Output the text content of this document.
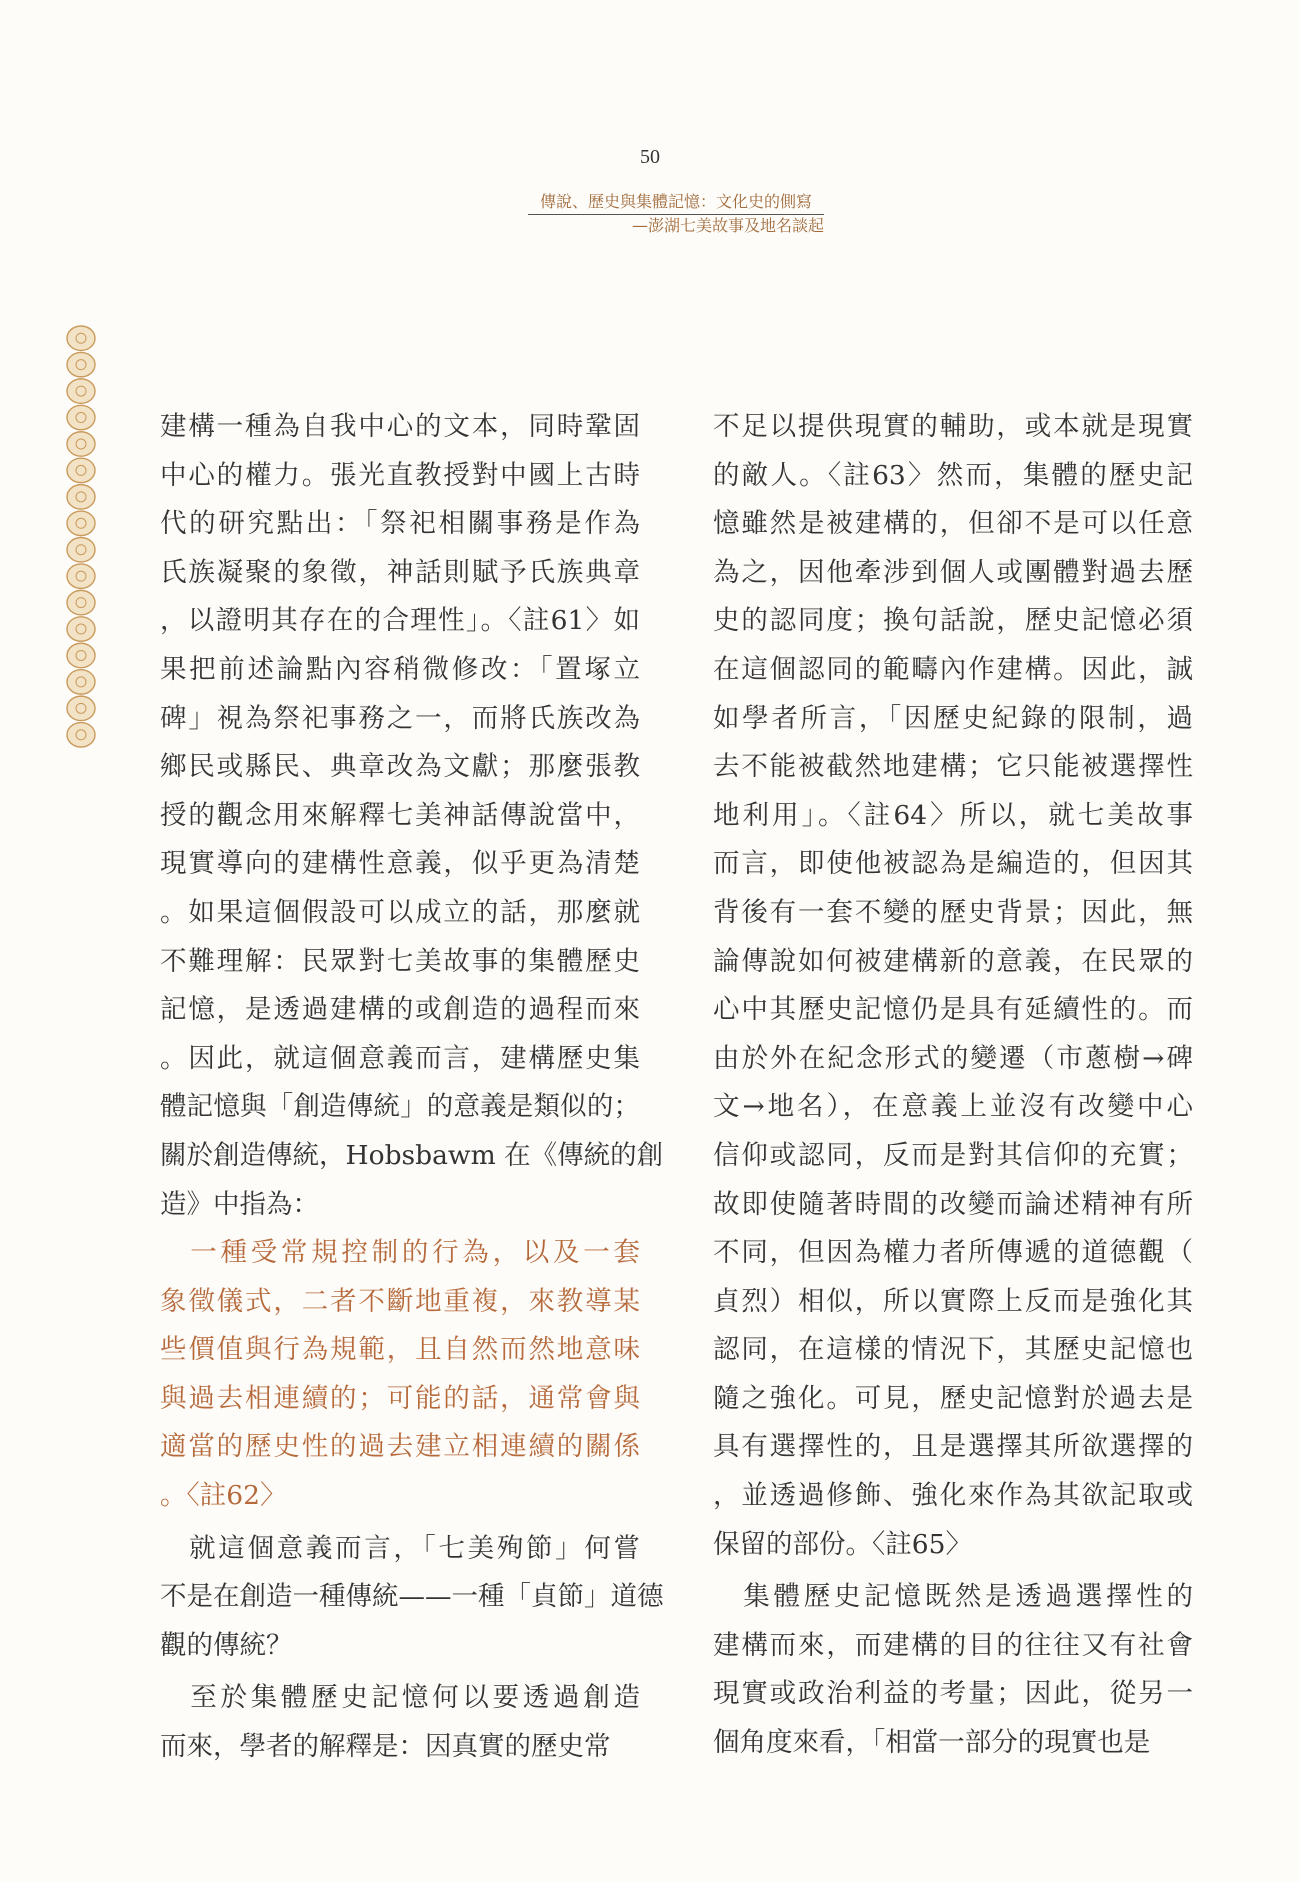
50
傳說、歷史與集體記憶：文化史的側寫
—澎湖七美故事及地名談起
建構一種為自我中心的文本，同時鞏固
中心的權力。張光直教授對中國上古時
代的研究點出：「祭祀相關事務是作為
氏族凝聚的象徵，神話則賦予氏族典章
，以證明其存在的合理性」。〈註61〉如
果把前述論點內容稍微修改：「置塚立
碑」視為祭祀事務之一，而將氏族改為
鄉民或縣民、典章改為文獻；那麼張教
授的觀念用來解釋七美神話傳說當中，
現實導向的建構性意義，似乎更為清楚
。如果這個假設可以成立的話，那麼就
不難理解：民眾對七美故事的集體歷史
記憶，是透過建構的或創造的過程而來
。因此，就這個意義而言，建構歷史集
體記憶與「創造傳統」的意義是類似的；
關於創造傳統，Hobsbawm 在《傳統的創
造》中指為：
　一種受常規控制的行為，以及一套
象徵儀式，二者不斷地重複，來教導某
些價值與行為規範，且自然而然地意味
與過去相連續的；可能的話，通常會與
適當的歷史性的過去建立相連續的關係
。〈註62〉
　就這個意義而言，「七美殉節」何嘗
不是在創造一種傳統——一種「貞節」道德
觀的傳統？
　至於集體歷史記憶何以要透過創造
而來，學者的解釋是：因真實的歷史常
不足以提供現實的輔助，或本就是現實
的敵人。〈註63〉然而，集體的歷史記
憶雖然是被建構的，但卻不是可以任意
為之，因他牽涉到個人或團體對過去歷
史的認同度；換句話說，歷史記憶必須
在這個認同的範疇內作建構。因此，誠
如學者所言，「因歷史紀錄的限制，過
去不能被截然地建構；它只能被選擇性
地利用」。〈註64〉所以，就七美故事
而言，即使他被認為是編造的，但因其
背後有一套不變的歷史背景；因此，無
論傳說如何被建構新的意義，在民眾的
心中其歷史記憶仍是具有延續性的。而
由於外在紀念形式的變遷（市蔥樹→碑
文→地名），在意義上並沒有改變中心
信仰或認同，反而是對其信仰的充實；
故即使隨著時間的改變而論述精神有所
不同，但因為權力者所傳遞的道德觀（
貞烈）相似，所以實際上反而是強化其
認同，在這樣的情況下，其歷史記憶也
隨之強化。可見，歷史記憶對於過去是
具有選擇性的，且是選擇其所欲選擇的
，並透過修飾、強化來作為其欲記取或
保留的部份。〈註65〉
　集體歷史記憶既然是透過選擇性的
建構而來，而建構的目的往往又有社會
現實或政治利益的考量；因此，從另一
個角度來看，「相當一部分的現實也是
